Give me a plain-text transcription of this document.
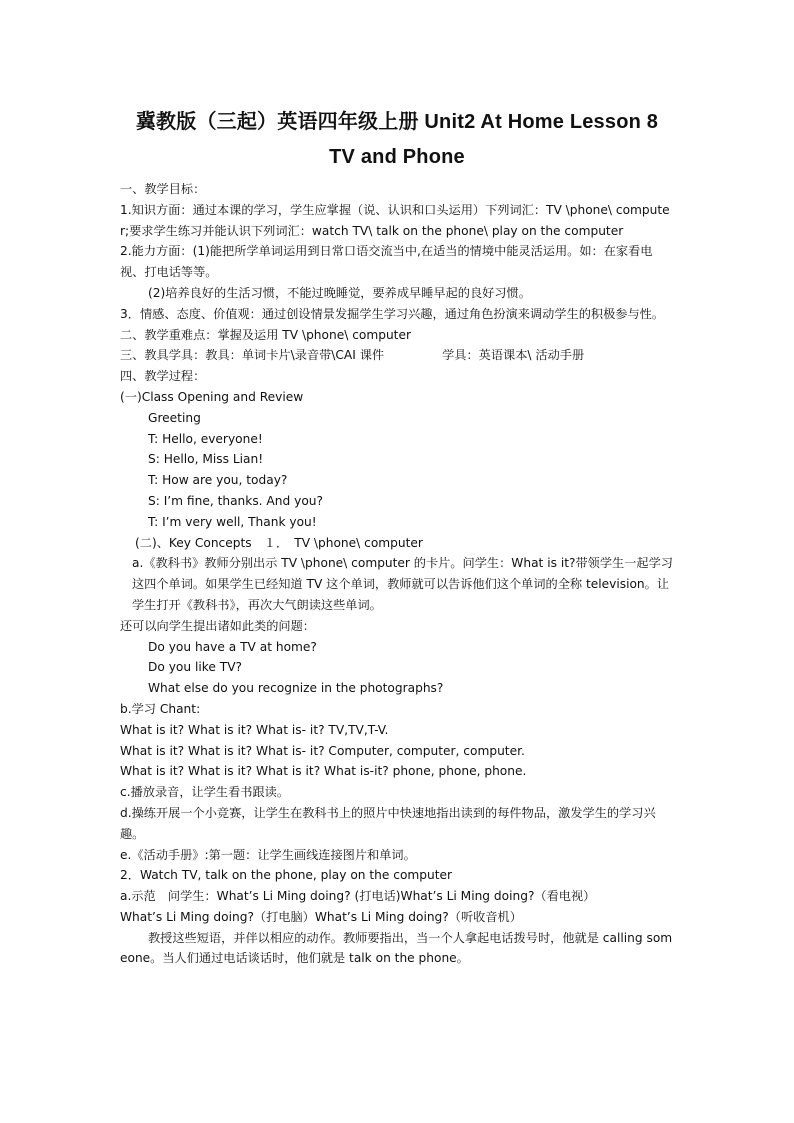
冀教版（三起）英语四年级上册 Unit2 At Home Lesson 8
TV and Phone

一、教学目标：

1.知识方面：通过本课的学习，学生应掌握（说、认识和口头运用）下列词汇：TV \phone\ computer;要求学生练习并能认识下列词汇：watch TV\ talk on the phone\ play on the computer

2.能力方面：(1)能把所学单词运用到日常口语交流当中,在适当的情境中能灵活运用。如：在家看电视、打电话等等。

(2)培养良好的生活习惯，不能过晚睡觉，要养成早睡早起的良好习惯。

3．情感、态度、价值观：通过创设情景发掘学生学习兴趣，通过角色扮演来调动学生的积极参与性。

二、教学重难点：掌握及运用 TV \phone\ computer

三、教具学具：教具：单词卡片\录音带\CAI 课件	学具：英语课本\ 活动手册

四、教学过程：

(一)Class Opening and Review

Greeting

T: Hello, everyone!

S: Hello, Miss Lian!

T: How are you, today?

S: I’m fine, thanks. And you?

T: I’m very well, Thank you!

(二)、Key Concepts　１．　TV \phone\ computer

a.《教科书》教师分别出示 TV \phone\ computer 的卡片。问学生：What is it?带领学生一起学习这四个单词。如果学生已经知道 TV 这个单词，教师就可以告诉他们这个单词的全称 television。让学生打开《教科书》，再次大气朗读这些单词。

还可以向学生提出诸如此类的问题：

Do you have a TV at home?

Do you like TV?

What else do you recognize in the photographs?

b.学习 Chant:

What is it? What is it? What is- it? TV,TV,T-V.

What is it? What is it? What is- it? Computer, computer, computer.

What is it? What is it? What is it? What is-it? phone, phone, phone.

c.播放录音，让学生看书跟读。

d.操练开展一个小竞赛，让学生在教科书上的照片中快速地指出读到的每件物品，激发学生的学习兴趣。

e.《活动手册》:第一题：让学生画线连接图片和单词。

2．Watch TV, talk on the phone, play on the computer

a.示范　问学生：What’s Li Ming doing? (打电话)What’s Li Ming doing?（看电视）

What’s Li Ming doing?（打电脑）What’s Li Ming doing?（听收音机）

教授这些短语，并伴以相应的动作。教师要指出，当一个人拿起电话拨号时，他就是 calling someone。当人们通过电话谈话时，他们就是 talk on the phone。
